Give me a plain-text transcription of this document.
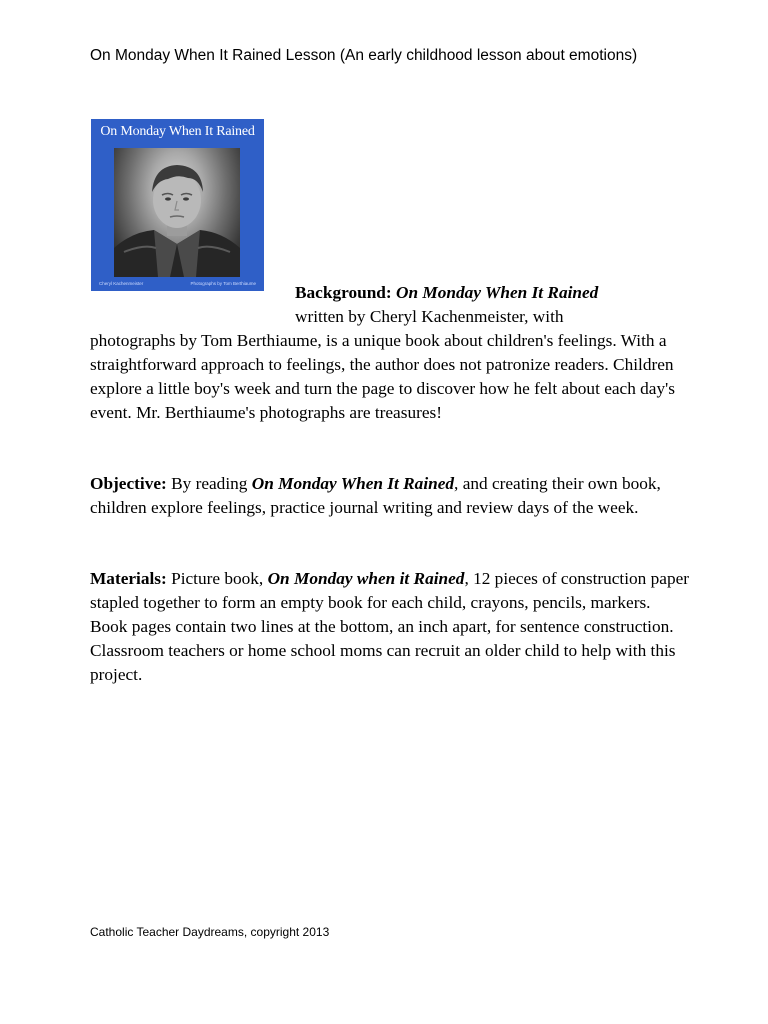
On Monday When It Rained Lesson (An early childhood lesson about emotions)
On Monday When It Rained
Cheryl Kachenmeister	Photographs by Tom Berthiaume Background: On Monday When It Rained
written by Cheryl Kachenmeister, with

photographs by Tom Berthiaume, is a unique book about children's feelings. With a straightforward approach to feelings, the author does not patronize readers. Children explore a little boy's week and turn the page to discover how he felt about each day's event. Mr. Berthiaume's photographs are treasures!

Objective: By reading On Monday When It Rained, and creating their own book, children explore feelings, practice journal writing and review days of the week.

Materials: Picture book, On Monday when it Rained, 12 pieces of construction paper stapled together to form an empty book for each child, crayons, pencils, markers. Book pages contain two lines at the bottom, an inch apart, for sentence construction. Classroom teachers or home school moms can recruit an older child to help with this project.

Catholic Teacher Daydreams, copyright 2013
